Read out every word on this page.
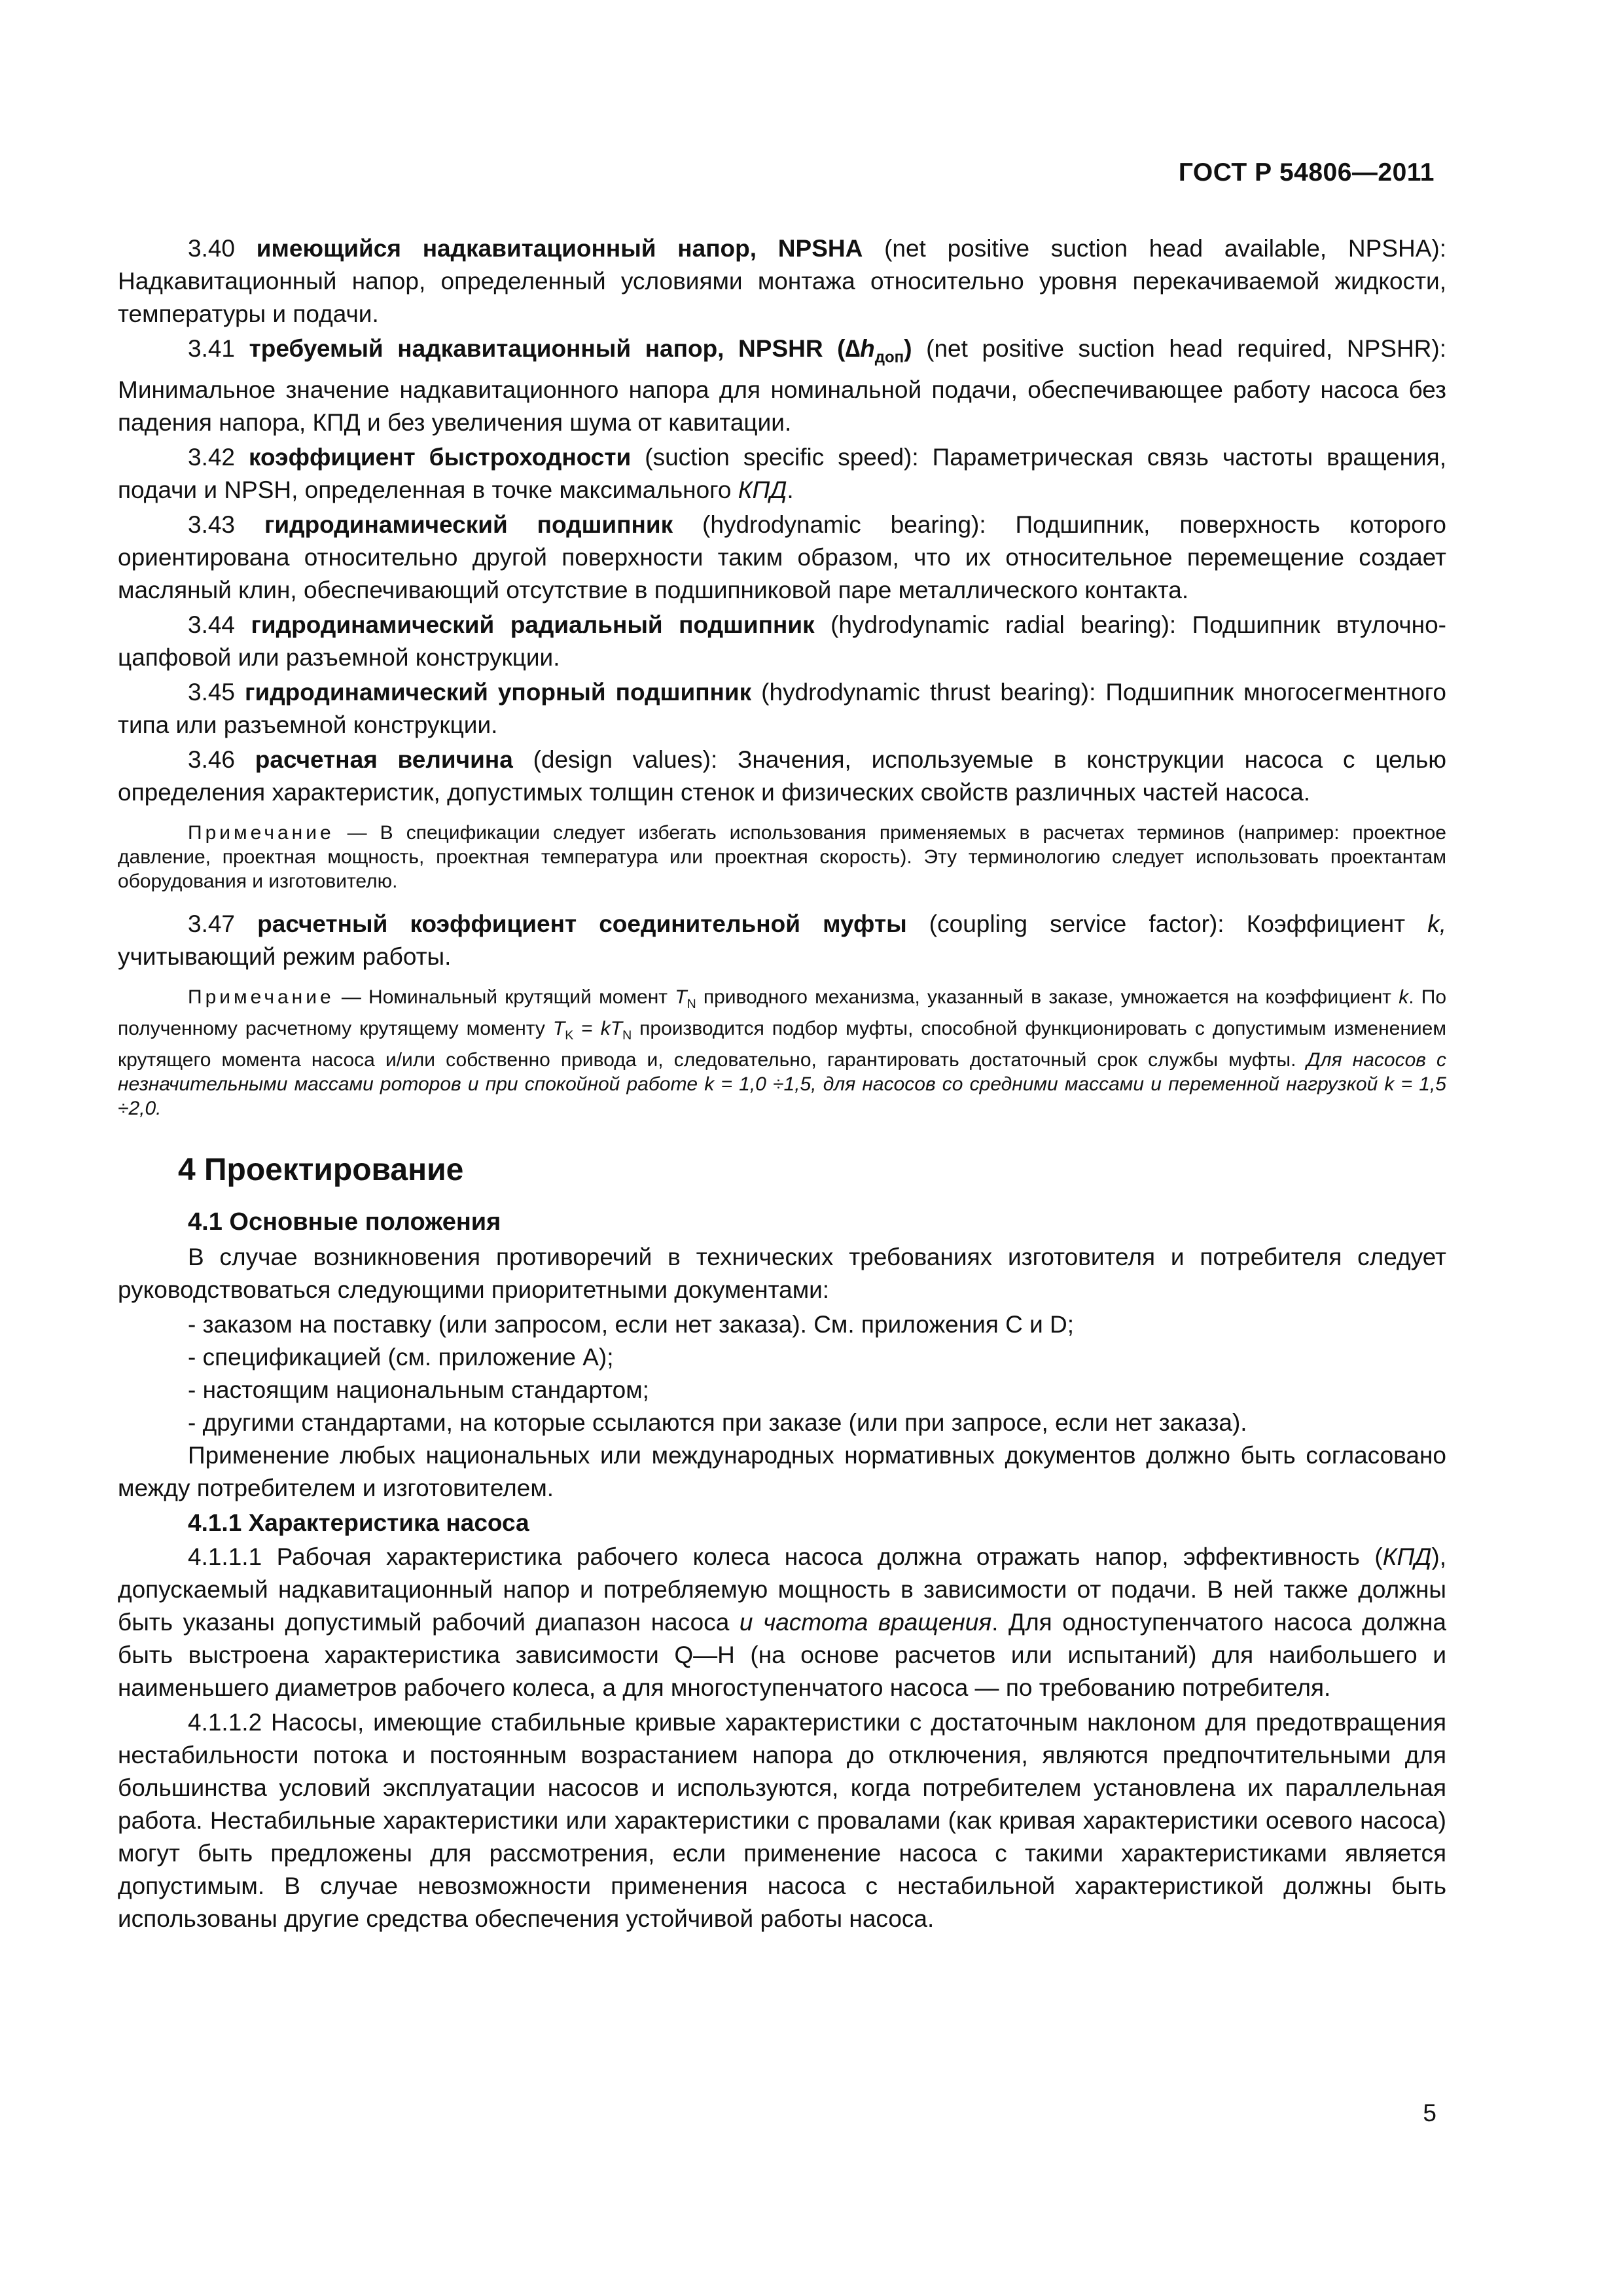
ГОСТ Р 54806—2011

3.40 имеющийся надкавитационный напор, NPSHA (net positive suction head available, NPSHA): Надкавитационный напор, определенный условиями монтажа относительно уровня перекачиваемой жидкости, температуры и подачи.

3.41 требуемый надкавитационный напор, NPSHR $(\Delta h_{доп})$ (net positive suction head required, NPSHR): Минимальное значение надкавитационного напора для номинальной подачи, обеспечивающее работу насоса без падения напора, КПД и без увеличения шума от кавитации.

3.42 коэффициент быстроходности (suction specific speed): Параметрическая связь частоты вращения, подачи и NPSH, определенная в точке максимального КПД.

3.43 гидродинамический подшипник (hydrodynamic bearing): Подшипник, поверхность которого ориентирована относительно другой поверхности таким образом, что их относительное перемещение создает масляный клин, обеспечивающий отсутствие в подшипниковой паре металлического контакта.

3.44 гидродинамический радиальный подшипник (hydrodynamic radial bearing): Подшипник втулочно-цапфовой или разъемной конструкции.

3.45 гидродинамический упорный подшипник (hydrodynamic thrust bearing): Подшипник многосегментного типа или разъемной конструкции.

3.46 расчетная величина (design values): Значения, используемые в конструкции насоса с целью определения характеристик, допустимых толщин стенок и физических свойств различных частей насоса.

Примечание — В спецификации следует избегать использования применяемых в расчетах терминов (например: проектное давление, проектная мощность, проектная температура или проектная скорость). Эту терминологию следует использовать проектантам оборудования и изготовителю.

3.47 расчетный коэффициент соединительной муфты (coupling service factor): Коэффициент k, учитывающий режим работы.

Примечание — Номинальный крутящий момент $T_N$ приводного механизма, указанный в заказе, умножается на коэффициент k. По полученному расчетному крутящему моменту $T_K = kT_N$ производится подбор муфты, способной функционировать с допустимым изменением крутящего момента насоса и/или собственно привода и, следовательно, гарантировать достаточный срок службы муфты. Для насосов с незначительными массами роторов и при спокойной работе k = 1,0 ÷1,5, для насосов со средними массами и переменной нагрузкой k = 1,5 ÷2,0.

4 Проектирование
4.1 Основные положения

В случае возникновения противоречий в технических требованиях изготовителя и потребителя следует руководствоваться следующими приоритетными документами:

- заказом на поставку (или запросом, если нет заказа). См. приложения С и D;
- спецификацией (см. приложение А);
- настоящим национальным стандартом;
- другими стандартами, на которые ссылаются при заказе (или при запросе, если нет заказа).

Применение любых национальных или международных нормативных документов должно быть согласовано между потребителем и изготовителем.

4.1.1 Характеристика насоса

4.1.1.1 Рабочая характеристика рабочего колеса насоса должна отражать напор, эффективность (КПД), допускаемый надкавитационный напор и потребляемую мощность в зависимости от подачи. В ней также должны быть указаны допустимый рабочий диапазон насоса и частота вращения. Для одноступенчатого насоса должна быть выстроена характеристика зависимости Q—H (на основе расчетов или испытаний) для наибольшего и наименьшего диаметров рабочего колеса, а для многоступенчатого насоса — по требованию потребителя.

4.1.1.2 Насосы, имеющие стабильные кривые характеристики с достаточным наклоном для предотвращения нестабильности потока и постоянным возрастанием напора до отключения, являются предпочтительными для большинства условий эксплуатации насосов и используются, когда потребителем установлена их параллельная работа. Нестабильные характеристики или характеристики с провалами (как кривая характеристики осевого насоса) могут быть предложены для рассмотрения, если применение насоса с такими характеристиками является допустимым. В случае невозможности применения насоса с нестабильной характеристикой должны быть использованы другие средства обеспечения устойчивой работы насоса.

5
